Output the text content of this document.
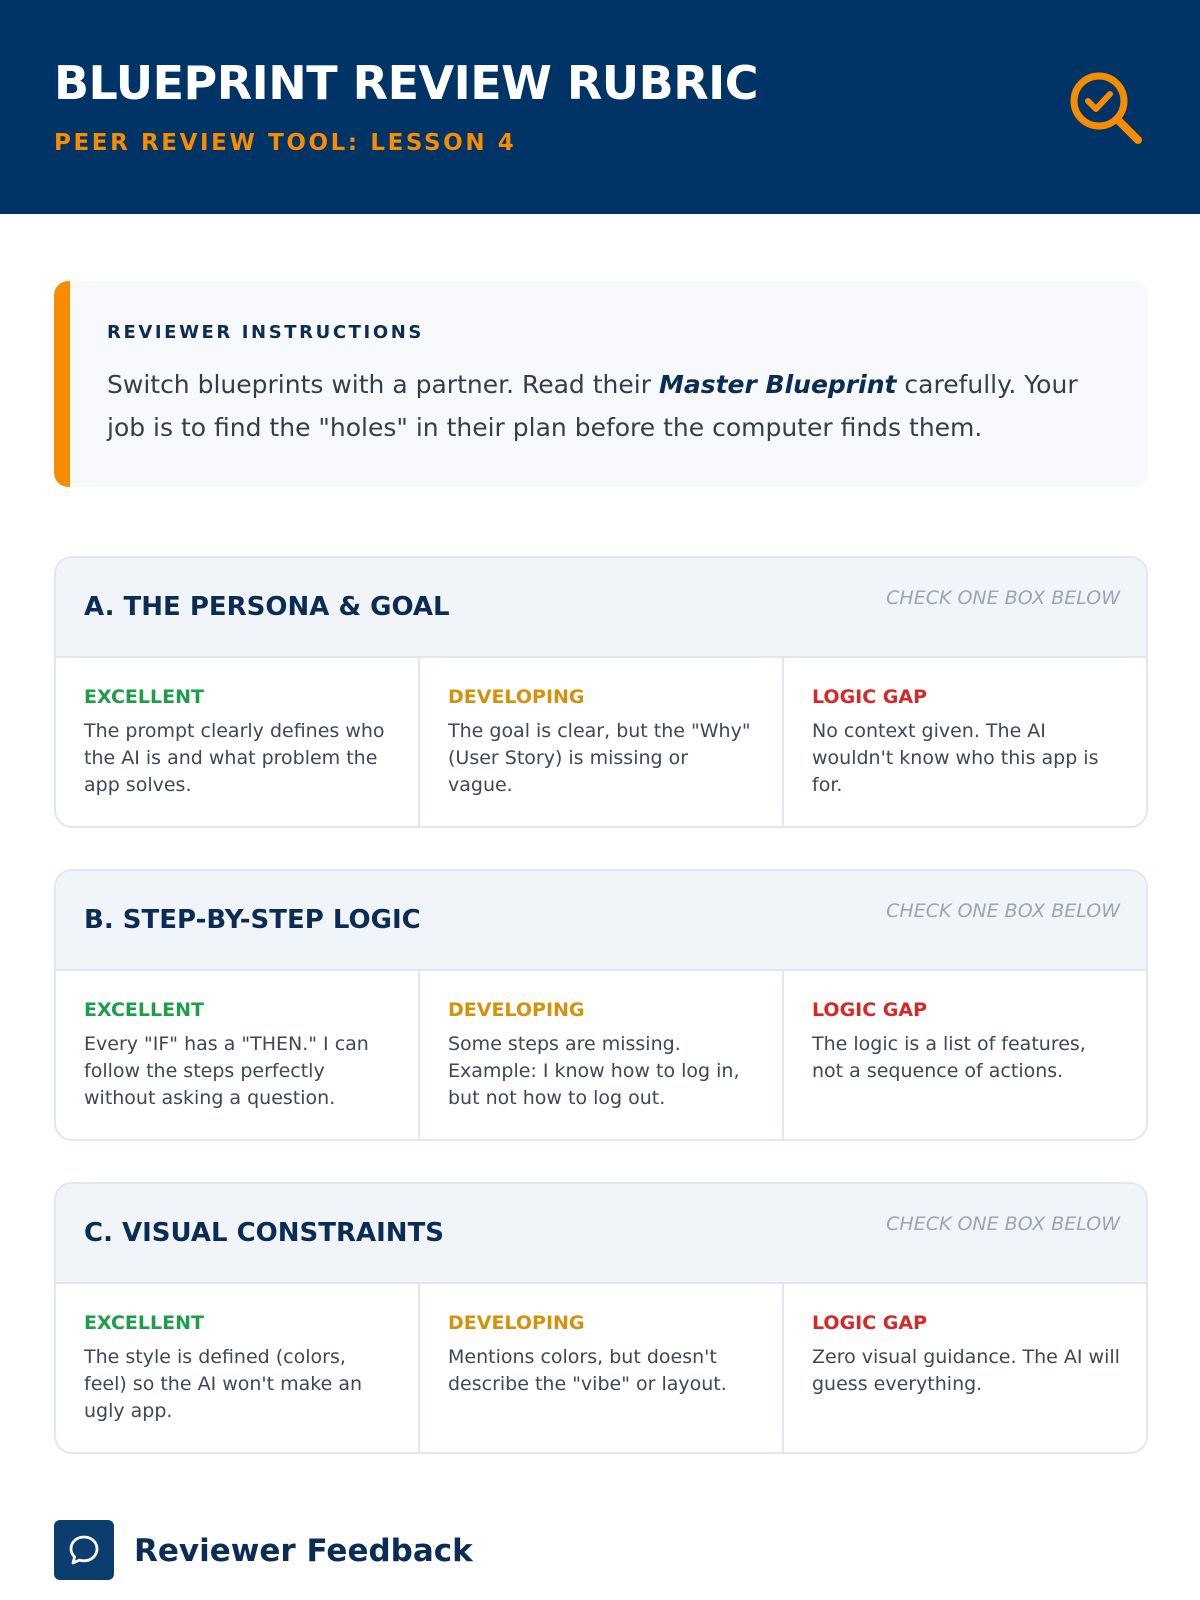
BLUEPRINT REVIEW RUBRIC
PEER REVIEW TOOL: LESSON 4
REVIEWER INSTRUCTIONS
Switch blueprints with a partner. Read their Master Blueprint carefully. Your job is to find the "holes" in their plan before the computer finds them.
A. THE PERSONA & GOAL	CHECK ONE BOX BELOW
EXCELLENT
The prompt clearly defines who the AI is and what problem the app solves.
DEVELOPING
The goal is clear, but the "Why" (User Story) is missing or vague.
LOGIC GAP
No context given. The AI wouldn't know who this app is for.
B. STEP-BY-STEP LOGIC	CHECK ONE BOX BELOW
EXCELLENT
Every "IF" has a "THEN." I can follow the steps perfectly without asking a question.
DEVELOPING
Some steps are missing. Example: I know how to log in, but not how to log out.
LOGIC GAP
The logic is a list of features, not a sequence of actions.
C. VISUAL CONSTRAINTS	CHECK ONE BOX BELOW
EXCELLENT
The style is defined (colors, feel) so the AI won't make an ugly app.
DEVELOPING
Mentions colors, but doesn't describe the "vibe" or layout.
LOGIC GAP
Zero visual guidance. The AI will guess everything.
Reviewer Feedback
